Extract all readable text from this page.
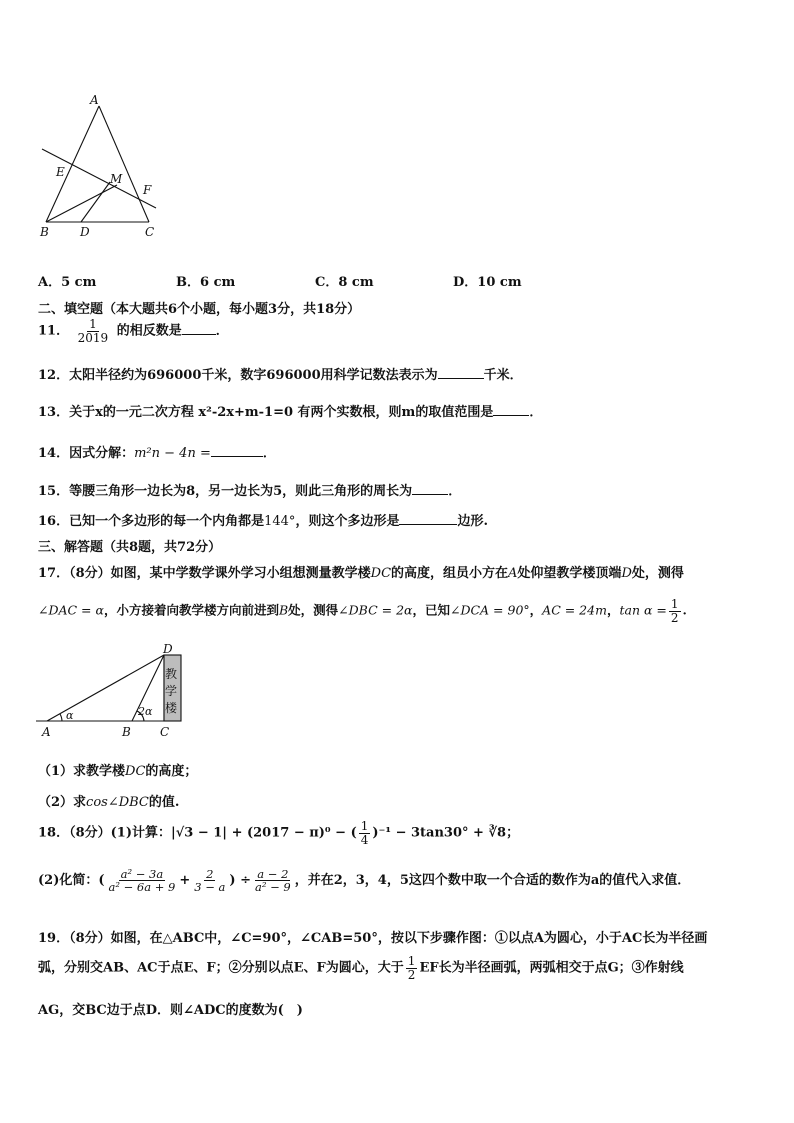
A
B	D	C
E	M
F
A．5 cm	B．6 cm	C．8 cm	D．10 cm
二、填空题（本大题共6个小题，每小题3分，共18分）
11． $\frac{1}{2019}$ 的相反数是	．
12．太阳半径约为696000千米，数字696000用科学记数法表示为	千米．
13．关于x的一元二次方程 x²-2x+m-1=0 有两个实数根，则m的取值范围是	．
14．因式分解：m²n − 4n =	．
15．等腰三角形一边长为8，另一边长为5，则此三角形的周长为	．
16．已知一个多边形的每一个内角都是144°，则这个多边形是	边形.
三、解答题（共8题，共72分）
17．（8分）如图，某中学数学课外学习小组想测量教学楼DC的高度，组员小方在A处仰望教学楼顶端D处，测得
∠DAC = α，小方接着向教学楼方向前进到B处，测得∠DBC = 2α，已知∠DCA = 90°，AC = 24m，$\tan \alpha = \frac{1}{2}$ .
教
学
楼
D
A	B C
α	2α
（1）求教学楼DC的高度；
（2）求cos∠DBC的值.
18．（8分）(1)计算：|√3 − 1| + (2017 − π)⁰ − ( $\frac{1}{4} )^{-1} - 3\tan 30^\circ$ + ∛8；
(2)化简：( $\frac{\text{a² − 3a}}{\text{a² − 6a + 9}} + \frac{2}{3 - a}$ ) ÷ $\frac{a - 2}{\text{a² − 9}}$ ，并在2，3，4，5这四个数中取一个合适的数作为a的值代入求值．
19．（8分）如图，在△ABC中，∠C=90°，∠CAB=50°，按以下步骤作图：①以点A为圆心，小于AC长为半径画
弧，分别交AB、AC于点E、F；②分别以点E、F为圆心，大于 $\frac{1}{2}$ EF长为半径画弧，两弧相交于点G；③作射线
AG，交BC边于点D．则∠ADC的度数为(　)
